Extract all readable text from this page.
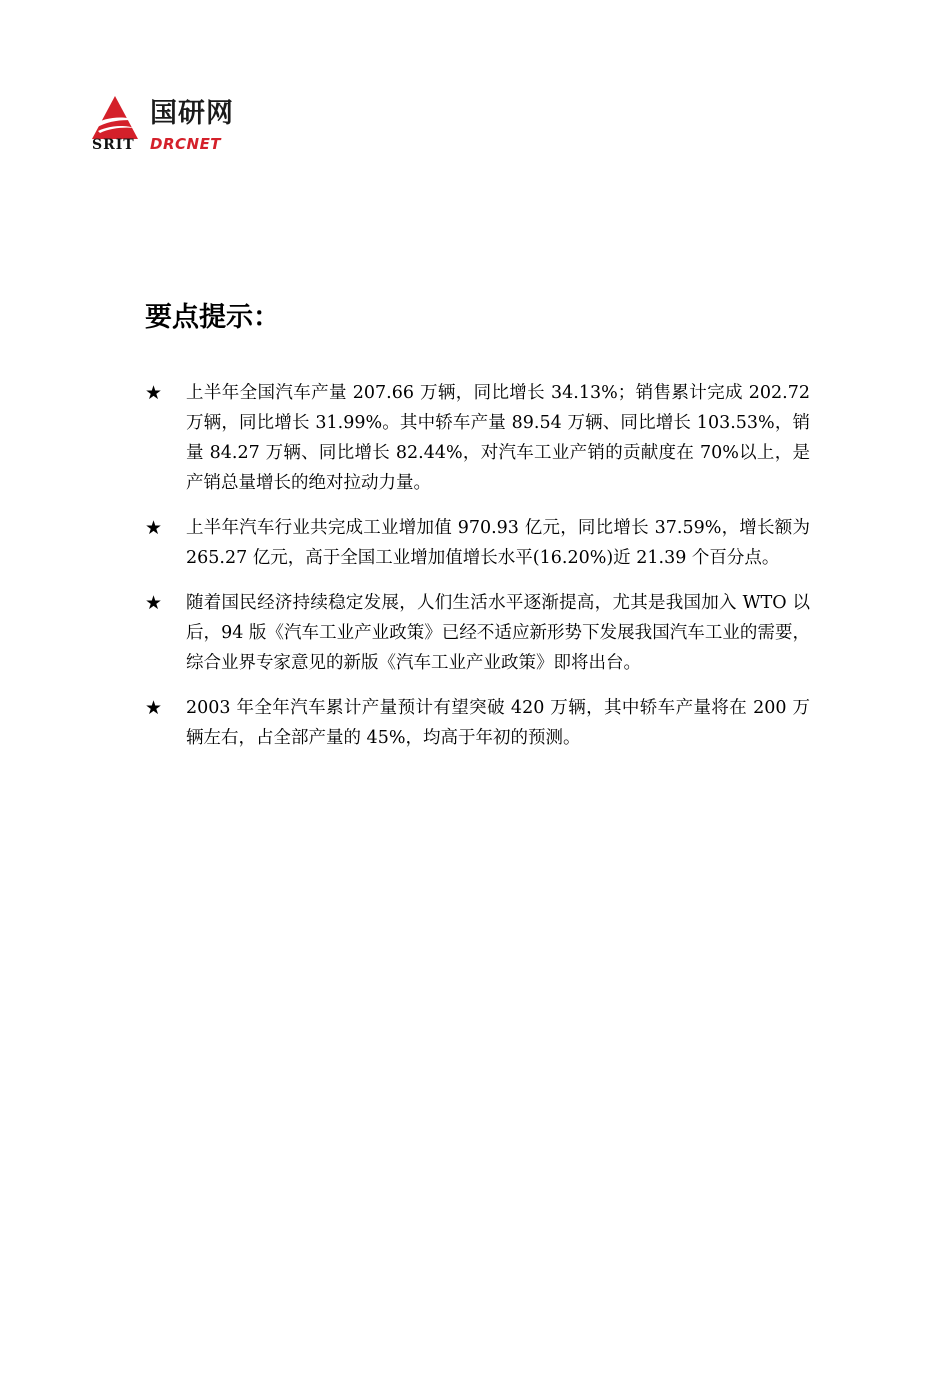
国研网
SRIT DRCNET
要点提示：
★ 上半年全国汽车产量 207.66 万辆，同比增长 34.13%；销售累计完成 202.72 万辆，同比增长 31.99%。其中轿车产量 89.54 万辆、同比增长 103.53%，销量 84.27 万辆、同比增长 82.44%，对汽车工业产销的贡献度在 70%以上，是产销总量增长的绝对拉动力量。
★ 上半年汽车行业共完成工业增加值 970.93 亿元，同比增长 37.59%，增长额为 265.27 亿元，高于全国工业增加值增长水平(16.20%)近 21.39 个百分点。
★ 随着国民经济持续稳定发展，人们生活水平逐渐提高，尤其是我国加入 WTO 以后，94 版《汽车工业产业政策》已经不适应新形势下发展我国汽车工业的需要，综合业界专家意见的新版《汽车工业产业政策》即将出台。
★ 2003 年全年汽车累计产量预计有望突破 420 万辆，其中轿车产量将在 200 万辆左右，占全部产量的 45%，均高于年初的预测。
